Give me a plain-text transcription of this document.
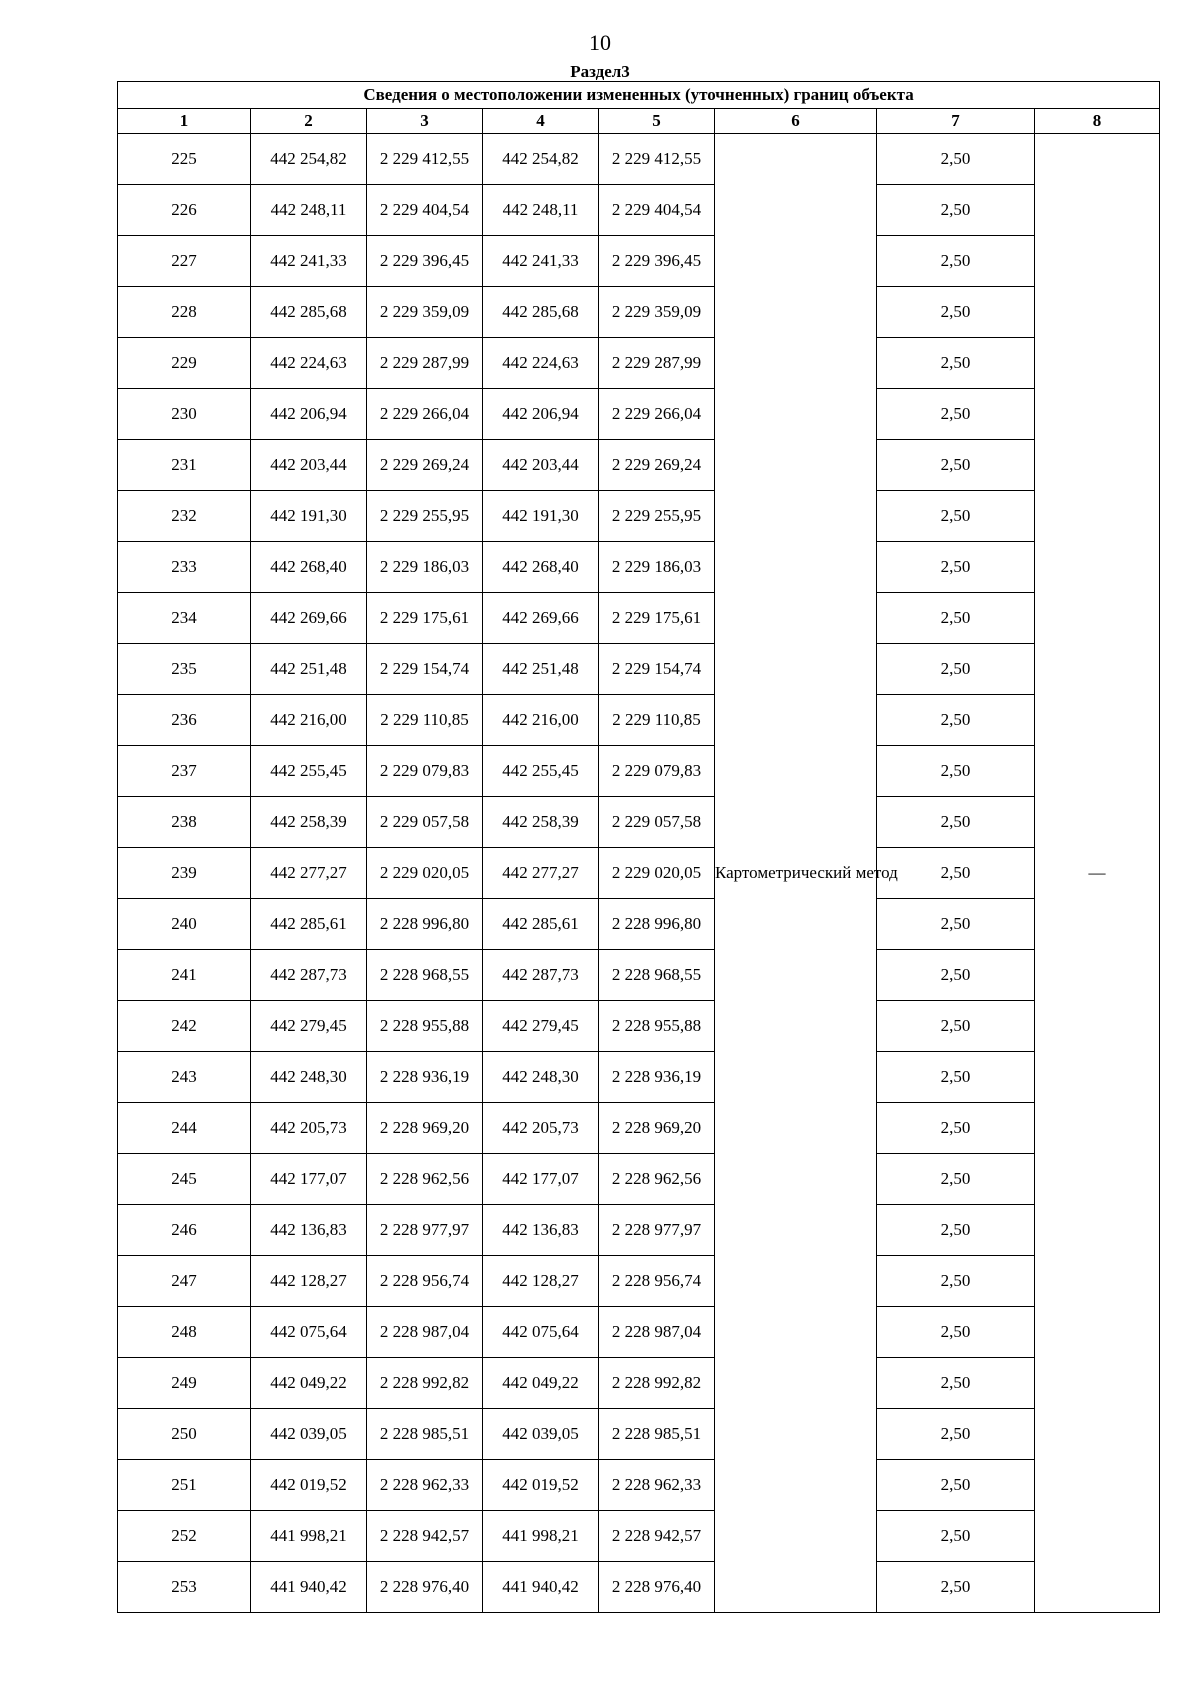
10
Раздел3
Сведения о местоположении измененных (уточненных) границ объекта							
1	2	3	4	5	6	7	8
225	442 254,82	2 229 412,55	442 254,82	2 229 412,55	Картометрический метод	2,50	—
226	442 248,11	2 229 404,54	442 248,11	2 229 404,54		2,50	
227	442 241,33	2 229 396,45	442 241,33	2 229 396,45		2,50	
228	442 285,68	2 229 359,09	442 285,68	2 229 359,09		2,50	
229	442 224,63	2 229 287,99	442 224,63	2 229 287,99		2,50	
230	442 206,94	2 229 266,04	442 206,94	2 229 266,04		2,50	
231	442 203,44	2 229 269,24	442 203,44	2 229 269,24		2,50	
232	442 191,30	2 229 255,95	442 191,30	2 229 255,95		2,50	
233	442 268,40	2 229 186,03	442 268,40	2 229 186,03		2,50	
234	442 269,66	2 229 175,61	442 269,66	2 229 175,61		2,50	
235	442 251,48	2 229 154,74	442 251,48	2 229 154,74		2,50	
236	442 216,00	2 229 110,85	442 216,00	2 229 110,85		2,50	
237	442 255,45	2 229 079,83	442 255,45	2 229 079,83		2,50	
238	442 258,39	2 229 057,58	442 258,39	2 229 057,58		2,50	
239	442 277,27	2 229 020,05	442 277,27	2 229 020,05		2,50	
240	442 285,61	2 228 996,80	442 285,61	2 228 996,80		2,50	
241	442 287,73	2 228 968,55	442 287,73	2 228 968,55		2,50	
242	442 279,45	2 228 955,88	442 279,45	2 228 955,88		2,50	
243	442 248,30	2 228 936,19	442 248,30	2 228 936,19		2,50	
244	442 205,73	2 228 969,20	442 205,73	2 228 969,20		2,50	
245	442 177,07	2 228 962,56	442 177,07	2 228 962,56		2,50	
246	442 136,83	2 228 977,97	442 136,83	2 228 977,97		2,50	
247	442 128,27	2 228 956,74	442 128,27	2 228 956,74		2,50	
248	442 075,64	2 228 987,04	442 075,64	2 228 987,04		2,50	
249	442 049,22	2 228 992,82	442 049,22	2 228 992,82		2,50	
250	442 039,05	2 228 985,51	442 039,05	2 228 985,51		2,50	
251	442 019,52	2 228 962,33	442 019,52	2 228 962,33		2,50	
252	441 998,21	2 228 942,57	441 998,21	2 228 942,57		2,50	
253	441 940,42	2 228 976,40	441 940,42	2 228 976,40		2,50	
